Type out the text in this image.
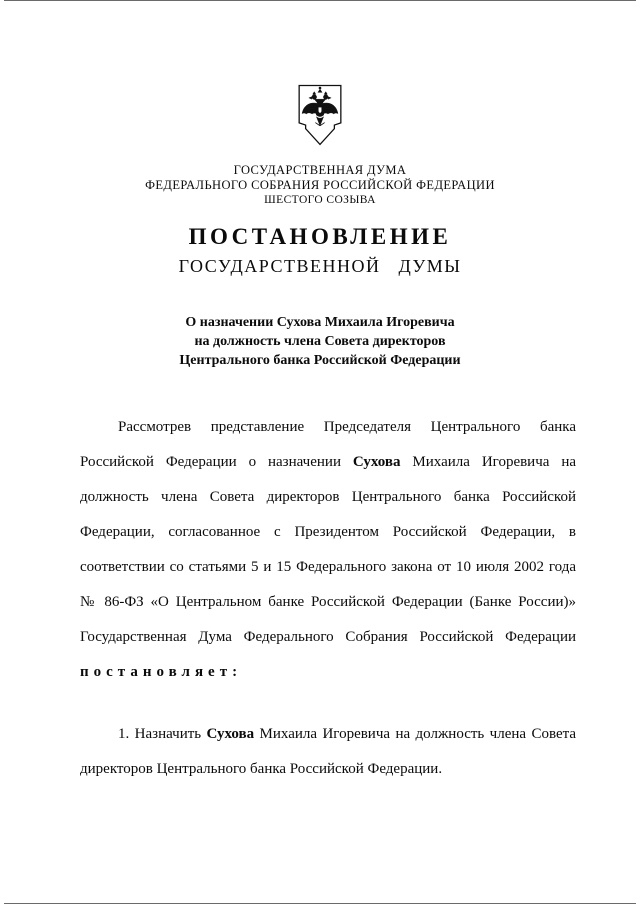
ГОСУДАРСТВЕННАЯ ДУМА
ФЕДЕРАЛЬНОГО СОБРАНИЯ РОССИЙСКОЙ ФЕДЕРАЦИИ
ШЕСТОГО СОЗЫВА
ПОСТАНОВЛЕНИЕ
ГОСУДАРСТВЕННОЙ ДУМЫ
О назначении Сухова Михаила Игоревича
на должность члена Совета директоров
Центрального банка Российской Федерации

Рассмотрев представление Председателя Центрального банка Российской Федерации о назначении Сухова Михаила Игоревича на должность члена Совета директоров Центрального банка Российской Федерации, согласованное с Президентом Российской Федерации, в соответствии со статьями 5 и 15 Федерального закона от 10 июля 2002 года № 86-ФЗ «О Центральном банке Российской Федерации (Банке России)» Государственная Дума Федерального Собрания Российской Федерации постановляет:

1. Назначить Сухова Михаила Игоревича на должность члена Совета директоров Центрального банка Российской Федерации.
